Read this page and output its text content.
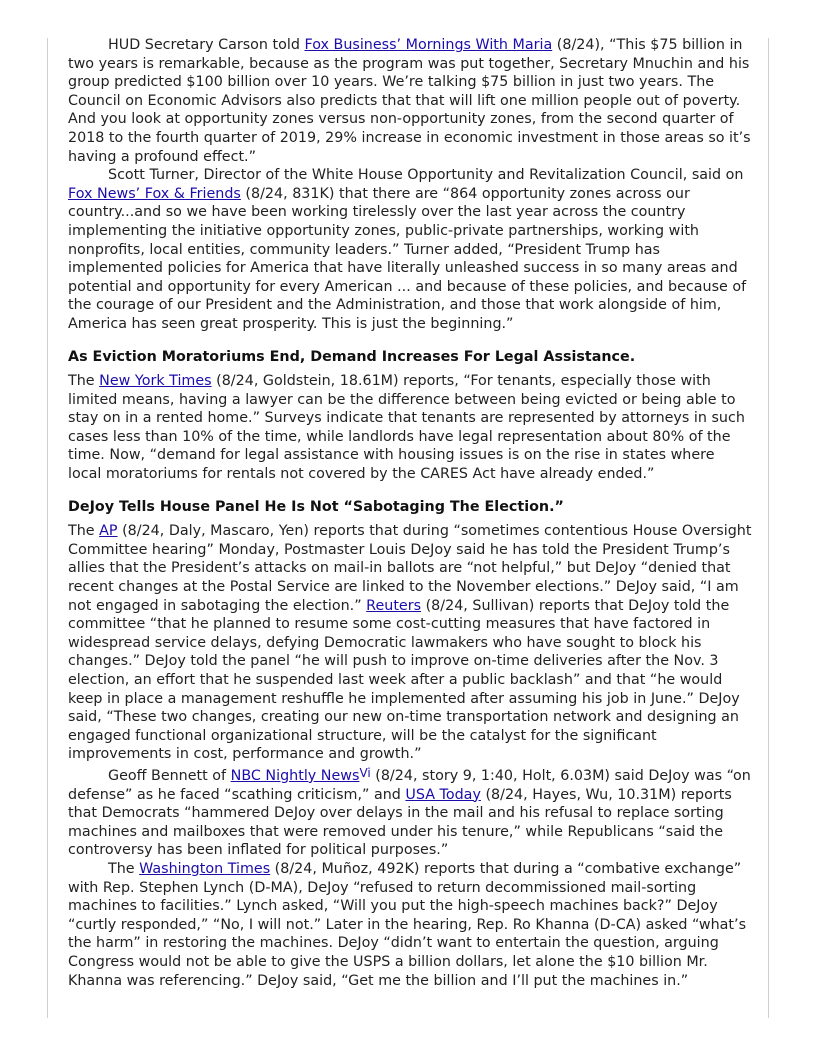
HUD Secretary Carson told Fox Business’ Mornings With Maria (8/24), “This $75 billion in two years is remarkable, because as the program was put together, Secretary Mnuchin and his group predicted $100 billion over 10 years. We’re talking $75 billion in just two years. The Council on Economic Advisors also predicts that that will lift one million people out of poverty. And you look at opportunity zones versus non-opportunity zones, from the second quarter of 2018 to the fourth quarter of 2019, 29% increase in economic investment in those areas so it’s having a profound effect.”

Scott Turner, Director of the White House Opportunity and Revitalization Council, said on Fox News’ Fox & Friends (8/24, 831K) that there are “864 opportunity zones across our country...and so we have been working tirelessly over the last year across the country implementing the initiative opportunity zones, public-private partnerships, working with nonprofits, local entities, community leaders.” Turner added, “President Trump has implemented policies for America that have literally unleashed success in so many areas and potential and opportunity for every American ... and because of these policies, and because of the courage of our President and the Administration, and those that work alongside of him, America has seen great prosperity. This is just the beginning.”

As Eviction Moratoriums End, Demand Increases For Legal Assistance.

The New York Times (8/24, Goldstein, 18.61M) reports, “For tenants, especially those with limited means, having a lawyer can be the difference between being evicted or being able to stay on in a rented home.” Surveys indicate that tenants are represented by attorneys in such cases less than 10% of the time, while landlords have legal representation about 80% of the time. Now, “demand for legal assistance with housing issues is on the rise in states where local moratoriums for rentals not covered by the CARES Act have already ended.”

DeJoy Tells House Panel He Is Not “Sabotaging The Election.”

The AP (8/24, Daly, Mascaro, Yen) reports that during “sometimes contentious House Oversight Committee hearing” Monday, Postmaster Louis DeJoy said he has told the President Trump’s allies that the President’s attacks on mail-in ballots are “not helpful,” but DeJoy “denied that recent changes at the Postal Service are linked to the November elections.” DeJoy said, “I am not engaged in sabotaging the election.” Reuters (8/24, Sullivan) reports that DeJoy told the committee “that he planned to resume some cost-cutting measures that have factored in widespread service delays, defying Democratic lawmakers who have sought to block his changes.” DeJoy told the panel “he will push to improve on-time deliveries after the Nov. 3 election, an effort that he suspended last week after a public backlash” and that “he would keep in place a management reshuffle he implemented after assuming his job in June.” DeJoy said, “These two changes, creating our new on-time transportation network and designing an engaged functional organizational structure, will be the catalyst for the significant improvements in cost, performance and growth.”

Geoff Bennett of NBC Nightly News$^{Vi}$ (8/24, story 9, 1:40, Holt, 6.03M) said DeJoy was “on defense” as he faced “scathing criticism,” and USA Today (8/24, Hayes, Wu, 10.31M) reports that Democrats “hammered DeJoy over delays in the mail and his refusal to replace sorting machines and mailboxes that were removed under his tenure,” while Republicans “said the controversy has been inflated for political purposes.”

The Washington Times (8/24, Muñoz, 492K) reports that during a “combative exchange” with Rep. Stephen Lynch (D-MA), DeJoy “refused to return decommissioned mail-sorting machines to facilities.” Lynch asked, “Will you put the high-speech machines back?” DeJoy “curtly responded,” “No, I will not.” Later in the hearing, Rep. Ro Khanna (D-CA) asked “what’s the harm” in restoring the machines. DeJoy “didn’t want to entertain the question, arguing Congress would not be able to give the USPS a billion dollars, let alone the $10 billion Mr. Khanna was referencing.” DeJoy said, “Get me the billion and I’ll put the machines in.”
